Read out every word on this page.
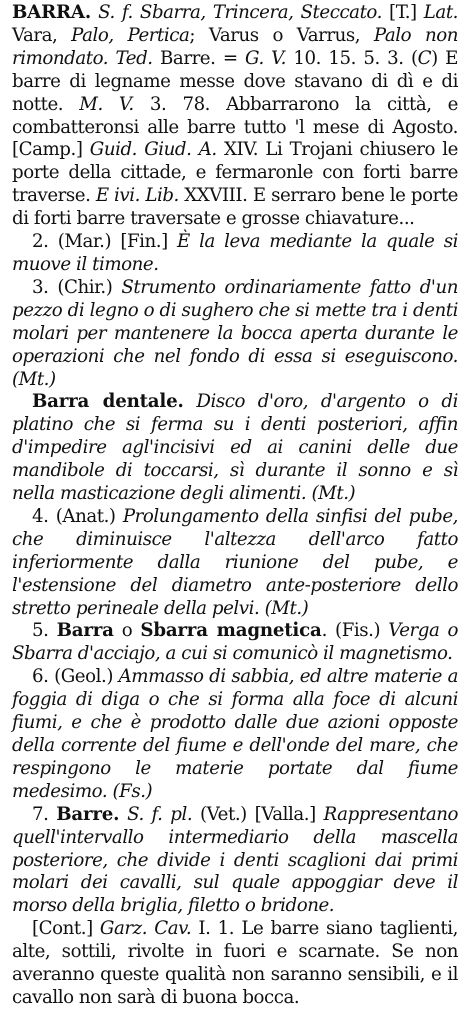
BARRA. S. f. Sbarra, Trincera, Steccato. [T.] Lat. Vara, Palo, Pertica; Varus o Varrus, Palo non rimondato. Ted. Barre. = G. V. 10. 15. 5. 3. (C) E barre di legname messe dove stavano di dì e di notte. M. V. 3. 78. Abbarrarono la città, e combatteronsi alle barre tutto 'l mese di Agosto. [Camp.] Guid. Giud. A. XIV. Li Trojani chiusero le porte della cittade, e fermaronle con forti barre traverse. E ivi. Lib. XXVIII. E serraro bene le porte di forti barre traversate e grosse chiavature...

2. (Mar.) [Fin.] È la leva mediante la quale si muove il timone.

3. (Chir.) Strumento ordinariamente fatto d'un pezzo di legno o di sughero che si mette tra i denti molari per mantenere la bocca aperta durante le operazioni che nel fondo di essa si eseguiscono. (Mt.)

Barra dentale. Disco d'oro, d'argento o di platino che si ferma su i denti posteriori, affin d'impedire agl'incisivi ed ai canini delle due mandibole di toccarsi, sì durante il sonno e sì nella masticazione degli alimenti. (Mt.)

4. (Anat.) Prolungamento della sinfisi del pube, che diminuisce l'altezza dell'arco fatto inferiormente dalla riunione del pube, e l'estensione del diametro ante-posteriore dello stretto perineale della pelvi. (Mt.)

5. Barra o Sbarra magnetica. (Fis.) Verga o Sbarra d'acciajo, a cui si comunicò il magnetismo.

6. (Geol.) Ammasso di sabbia, ed altre materie a foggia di diga o che si forma alla foce di alcuni fiumi, e che è prodotto dalle due azioni opposte della corrente del fiume e dell'onde del mare, che respingono le materie portate dal fiume medesimo. (Fs.)

7. Barre. S. f. pl. (Vet.) [Valla.] Rappresentano quell'intervallo intermediario della mascella posteriore, che divide i denti scaglioni dai primi molari dei cavalli, sul quale appoggiar deve il morso della briglia, filetto o bridone.

[Cont.] Garz. Cav. I. 1. Le barre siano taglienti, alte, sottili, rivolte in fuori e scarnate. Se non averanno queste qualità non saranno sensibili, e il cavallo non sarà di buona bocca.
